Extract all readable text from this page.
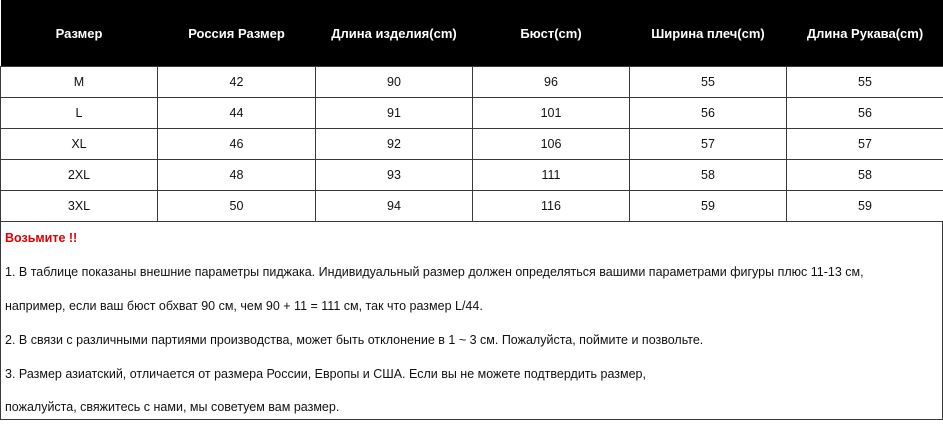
Размер	Россия Размер	Длина изделия(cm)	Бюст(cm)	Ширина плеч(cm)	Длина Рукава(cm)
M	42	90	96	55	55
L	44	91	101	56	56
XL	46	92	106	57	57
2XL	48	93	111	58	58
3XL	50	94	116	59	59
Возьмите !!
1. В таблице показаны внешние параметры пиджака. Индивидуальный размер должен определяться вашими параметрами фигуры плюс 11-13 см,
например, если ваш бюст обхват 90 см, чем 90 + 11 = 111 см, так что размер L/44.
2. В связи с различными партиями производства, может быть отклонение в 1 ~ 3 см. Пожалуйста, поймите и позвольте.
3. Размер азиатский, отличается от размера России, Европы и США. Если вы не можете подтвердить размер,
пожалуйста, свяжитесь с нами, мы советуем вам размер.
